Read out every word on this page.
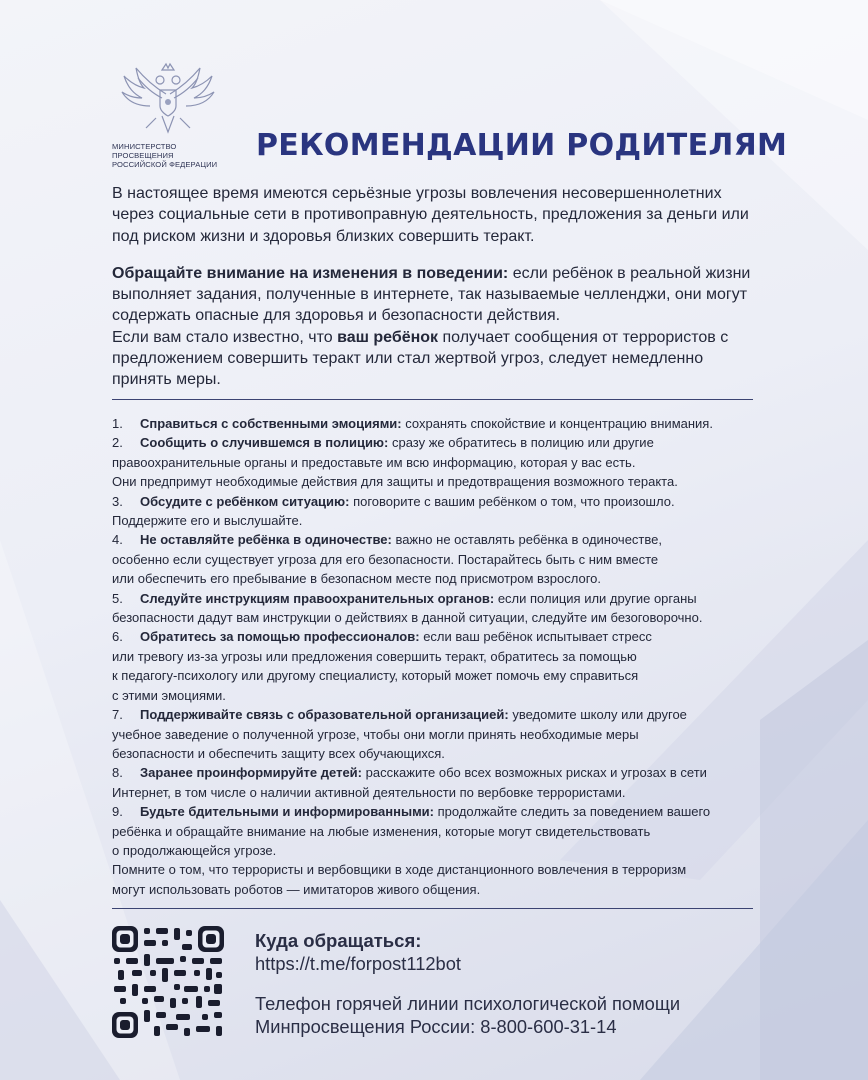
МИНИСТЕРСТВО ПРОСВЕЩЕНИЯ
РОССИЙСКОЙ ФЕДЕРАЦИИ
РЕКОМЕНДАЦИИ РОДИТЕЛЯМ

В настоящее время имеются серьёзные угрозы вовлечения несовершеннолетних через социальные сети в противоправную деятельность, предложения за деньги или под риском жизни и здоровья близких совершить теракт.

Обращайте внимание на изменения в поведении: если ребёнок в реальной жизни выполняет задания, полученные в интернете, так называемые челленджи, они могут содержать опасные для здоровья и безопасности действия.

Если вам стало известно, что ваш ребёнок получает сообщения от террористов с предложением совершить теракт или стал жертвой угроз, следует немедленно принять меры.

1. Справиться с собственными эмоциями: сохранять спокойствие и концентрацию внимания.
2. Сообщить о случившемся в полицию: сразу же обратитесь в полицию или другие
правоохранительные органы и предоставьте им всю информацию, которая у вас есть.
Они предпримут необходимые действия для защиты и предотвращения возможного теракта.
3. Обсудите с ребёнком ситуацию: поговорите с вашим ребёнком о том, что произошло.
Поддержите его и выслушайте.
4. Не оставляйте ребёнка в одиночестве: важно не оставлять ребёнка в одиночестве,
особенно если существует угроза для его безопасности. Постарайтесь быть с ним вместе
или обеспечить его пребывание в безопасном месте под присмотром взрослого.
5. Следуйте инструкциям правоохранительных органов: если полиция или другие органы
безопасности дадут вам инструкции о действиях в данной ситуации, следуйте им безоговорочно.
6. Обратитесь за помощью профессионалов: если ваш ребёнок испытывает стресс
или тревогу из-за угрозы или предложения совершить теракт, обратитесь за помощью
к педагогу-психологу или другому специалисту, который может помочь ему справиться
с этими эмоциями.
7. Поддерживайте связь с образовательной организацией: уведомите школу или другое
учебное заведение о полученной угрозе, чтобы они могли принять необходимые меры
безопасности и обеспечить защиту всех обучающихся.
8. Заранее проинформируйте детей: расскажите обо всех возможных рисках и угрозах в сети
Интернет, в том числе о наличии активной деятельности по вербовке террористами.
9. Будьте бдительными и информированными: продолжайте следить за поведением вашего
ребёнка и обращайте внимание на любые изменения, которые могут свидетельствовать
о продолжающейся угрозе.
Помните о том, что террористы и вербовщики в ходе дистанционного вовлечения в терроризм
могут использовать роботов — имитаторов живого общения.
Куда обращаться:
https://t.me/forpost112bot
Телефон горячей линии психологической помощи
Минпросвещения России: 8-800-600-31-14
